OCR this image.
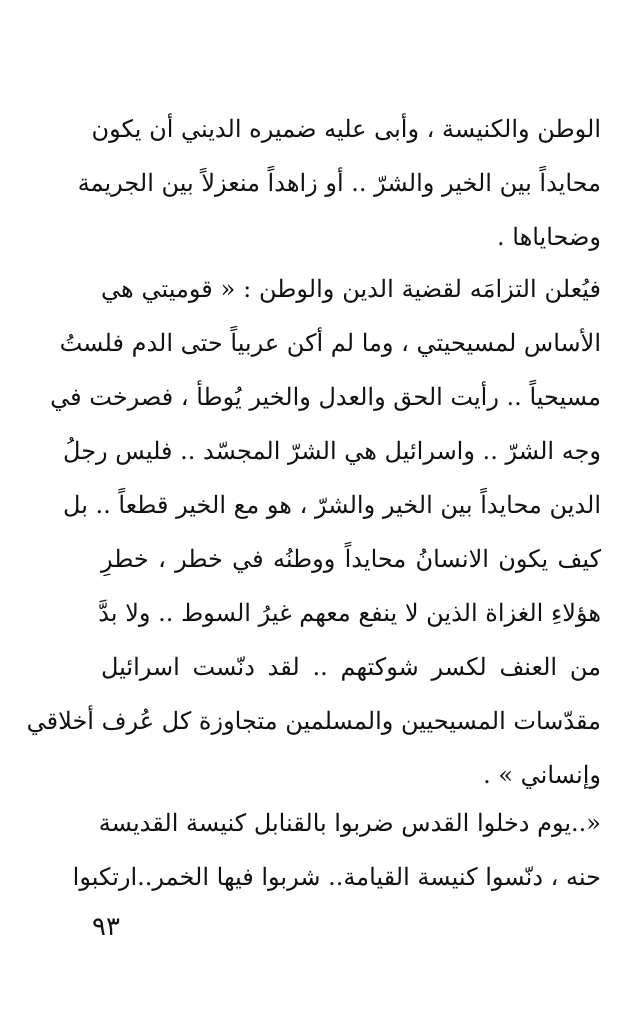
الوطن والكنيسة ، وأبى عليه ضميره الديني أن يكون
محايداً بين الخير والشرّ .. أو زاهداً منعزلاً بين الجريمة
وضحاياها .
فيُعلن التزامَه لقضية الدين والوطن : « قوميتي هي
الأساس لمسيحيتي ، وما لم أكن عربياً حتى الدم فلستُ
مسيحياً .. رأيت الحق والعدل والخير يُوطأ ، فصرخت في
وجه الشرّ .. واسرائيل هي الشرّ المجسّد .. فليس رجلُ
الدين محايداً بين الخير والشرّ ، هو مع الخير قطعاً .. بل
كيف يكون الانسانُ محايداً ووطنُه في خطر ، خطرِ
هؤلاءِ الغزاة الذين لا ينفع معهم غيرُ السوط .. ولا بدَّ
من العنف لكسر شوكتهم .. لقد دنّست اسرائيل
مقدّسات المسيحيين والمسلمين متجاوزة كل عُرف أخلاقي
وإنساني » .
«..يوم دخلوا القدس ضربوا بالقنابل كنيسة القديسة
حنه ، دنّسوا كنيسة القيامة.. شربوا فيها الخمر..ارتكبوا
٩٣
